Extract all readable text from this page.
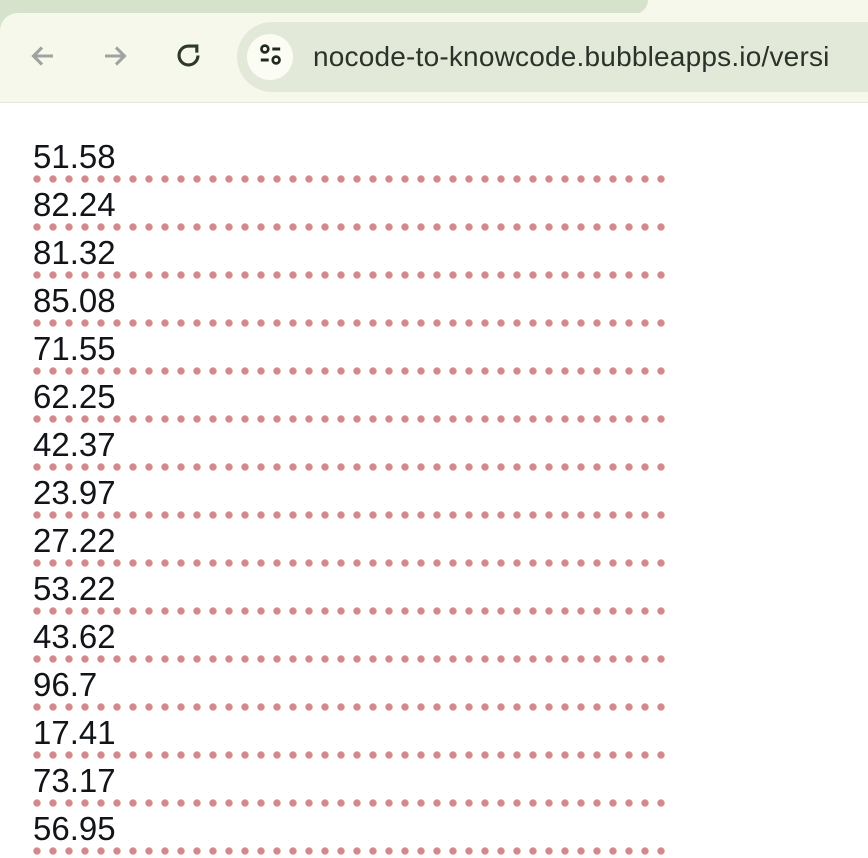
nocode-to-knowcode.bubbleapps.io/versi
51.58
82.24
81.32
85.08
71.55
62.25
42.37
23.97
27.22
53.22
43.62
96.7
17.41
73.17
56.95
